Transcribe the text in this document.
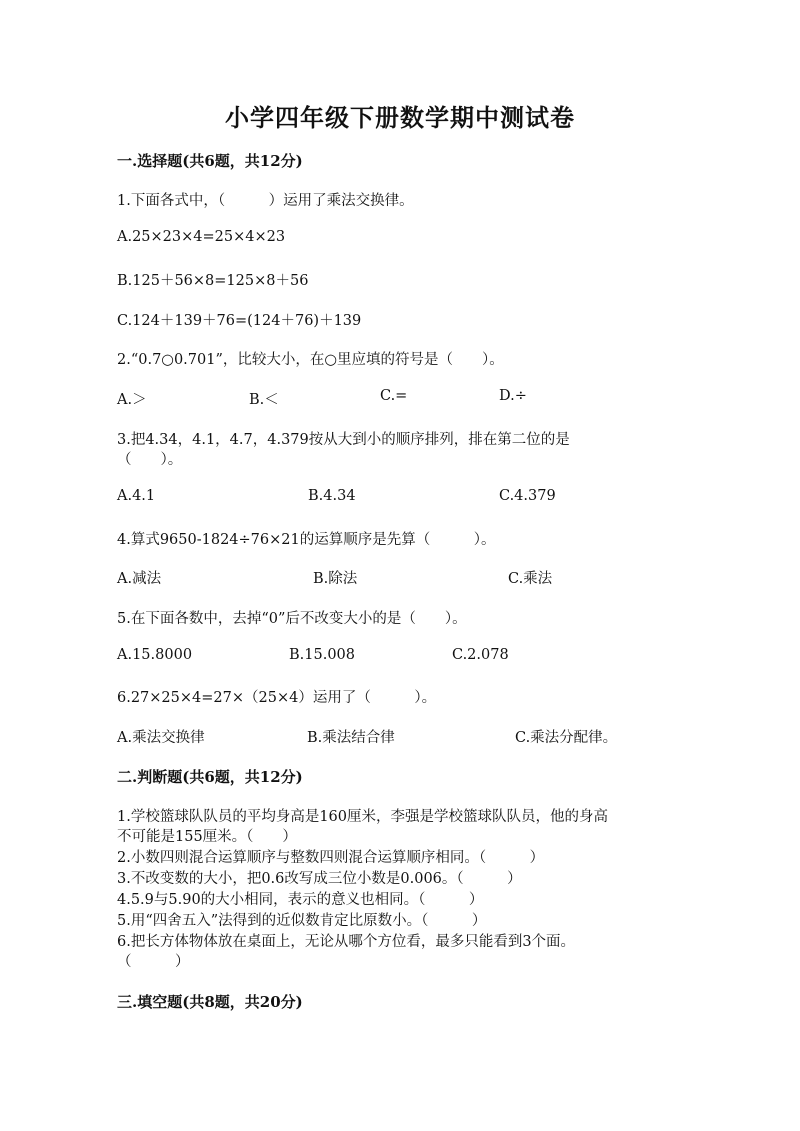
小学四年级下册数学期中测试卷
一.选择题(共6题，共12分)
1.下面各式中，（　　　）运用了乘法交换律。
A.25×23×4=25×4×23
B.125＋56×8=125×8＋56
C.124＋139＋76=(124＋76)＋139
2.“0.7○0.701”，比较大小，在○里应填的符号是（　　）。
A.＞	B.＜	C.=	D.÷
3.把4.34，4.1，4.7，4.379按从大到小的顺序排列，排在第二位的是
（　　）。
A.4.1	B.4.34	C.4.379
4.算式9650-1824÷76×21的运算顺序是先算（　　　）。
A.减法	B.除法	C.乘法
5.在下面各数中，去掉“0”后不改变大小的是（　　）。
A.15.8000	B.15.008	C.2.078
6.27×25×4=27×（25×4）运用了（　　　）。
A.乘法交换律	B.乘法结合律	C.乘法分配律。
二.判断题(共6题，共12分)
1.学校篮球队队员的平均身高是160厘米，李强是学校篮球队队员，他的身高
不可能是155厘米。（　　）
2.小数四则混合运算顺序与整数四则混合运算顺序相同。（　　　）
3.不改变数的大小，把0.6改写成三位小数是0.006。（　　　）
4.5.9与5.90的大小相同，表示的意义也相同。（　　　）
5.用“四舍五入”法得到的近似数肯定比原数小。（　　　）
6.把长方体物体放在桌面上，无论从哪个方位看，最多只能看到3个面。
（　　　）
三.填空题(共8题，共20分)
